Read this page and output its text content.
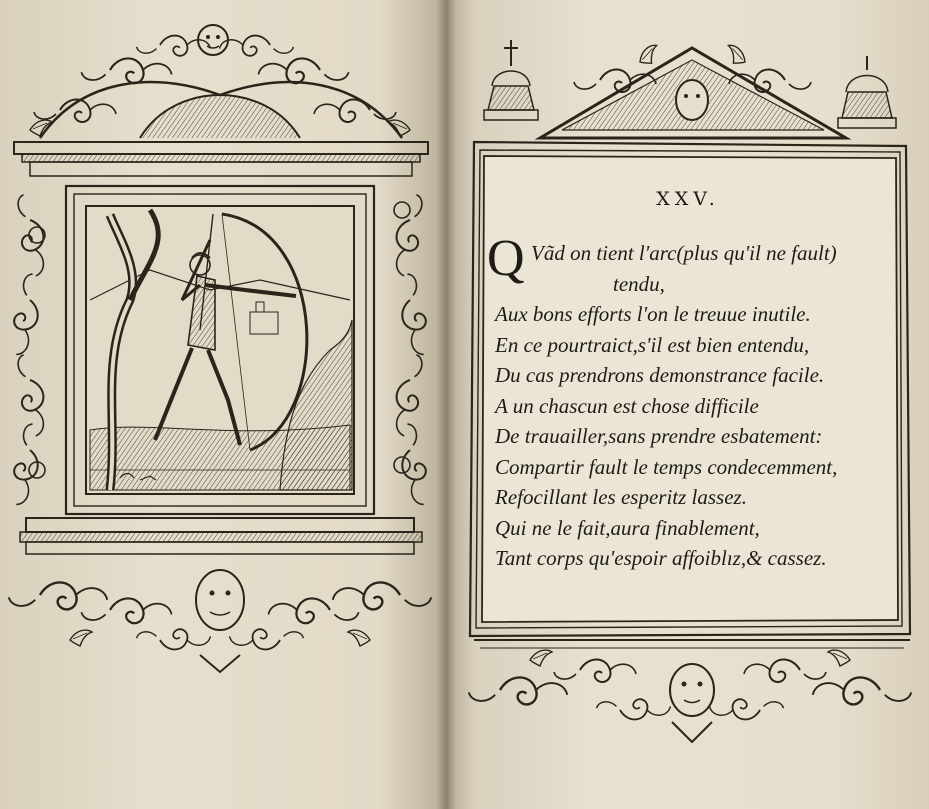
XXV.
Q Vãd on tient l'arc(plus qu'il ne fault)
tendu,
Aux bons efforts l'on le treuue inutile.
En ce pourtraict,s'il est bien entendu,
Du cas prendrons demonstrance facile.
A un chascun est chose difficile
De trauailler,sans prendre esbatement:
Compartir fault le temps condecemment,
Refocillant les esperitz lassez.
Qui ne le fait,aura finablement,
Tant corps qu'espoir affoiblız,& cassez.
